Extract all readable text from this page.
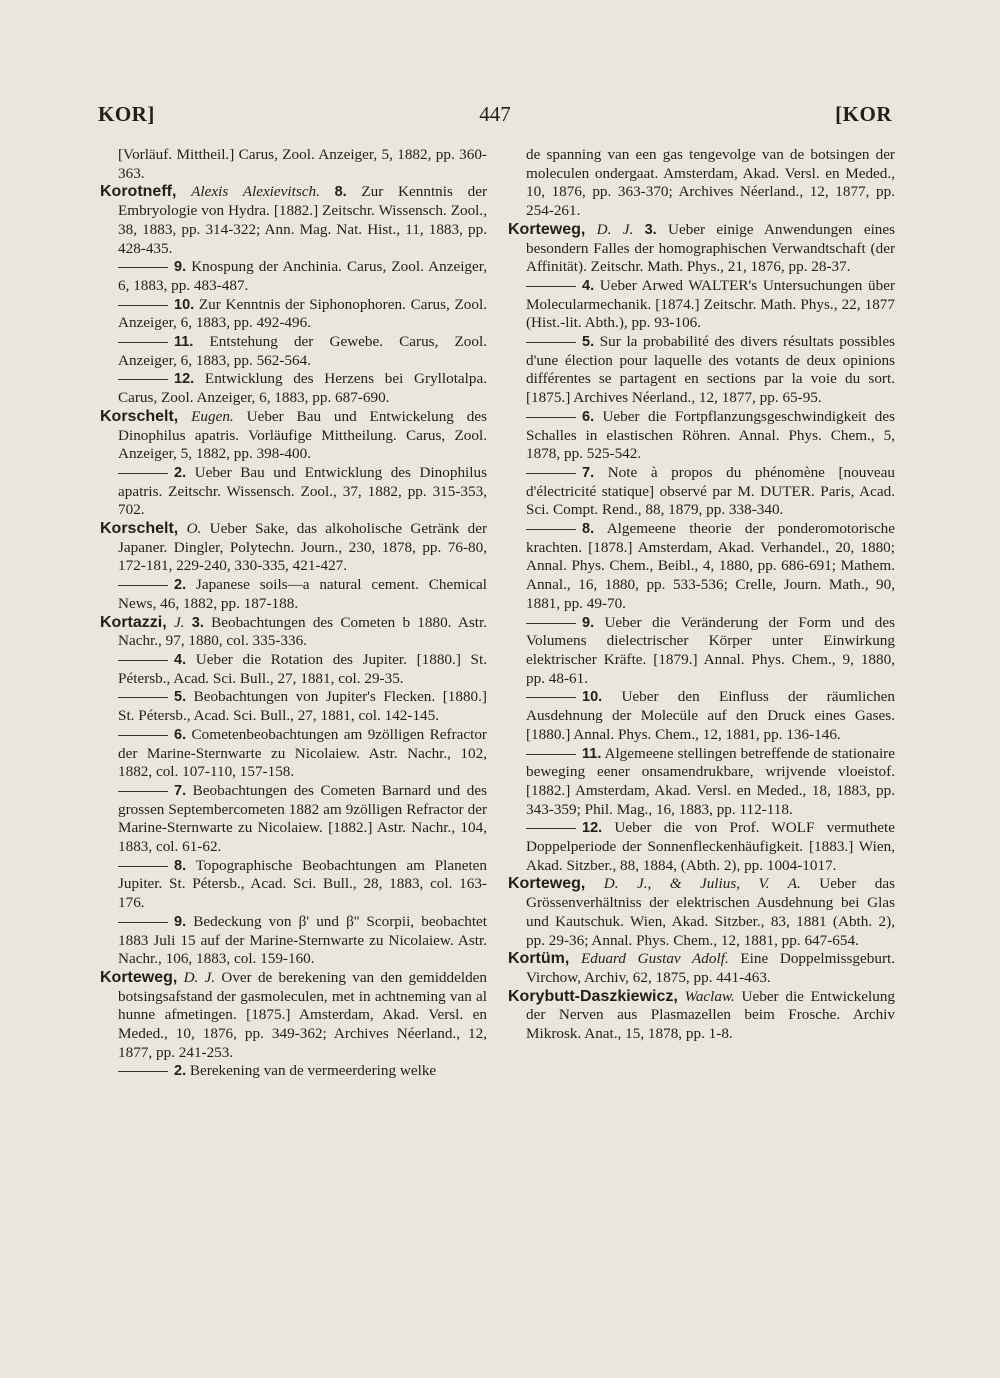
KOR]	447	[KOR

[Vorläuf. Mittheil.] Carus, Zool. Anzeiger, 5, 1882, pp. 360-363.

Korotneff, Alexis Alexievitsch. 8. Zur Kenntnis der Embryologie von Hydra. [1882.] Zeitschr. Wissensch. Zool., 38, 1883, pp. 314-322; Ann. Mag. Nat. Hist., 11, 1883, pp. 428-435.

9. Knospung der Anchinia. Carus, Zool. Anzeiger, 6, 1883, pp. 483-487.

10. Zur Kenntnis der Siphonophoren. Carus, Zool. Anzeiger, 6, 1883, pp. 492-496.

11. Entstehung der Gewebe. Carus, Zool. Anzeiger, 6, 1883, pp. 562-564.

12. Entwicklung des Herzens bei Gryllotalpa. Carus, Zool. Anzeiger, 6, 1883, pp. 687-690.

Korschelt, Eugen. Ueber Bau und Entwickelung des Dinophilus apatris. Vorläufige Mittheilung. Carus, Zool. Anzeiger, 5, 1882, pp. 398-400.

2. Ueber Bau und Entwicklung des Dinophilus apatris. Zeitschr. Wissensch. Zool., 37, 1882, pp. 315-353, 702.

Korschelt, O. Ueber Sake, das alkoholische Getränk der Japaner. Dingler, Polytechn. Journ., 230, 1878, pp. 76-80, 172-181, 229-240, 330-335, 421-427.

2. Japanese soils—a natural cement. Chemical News, 46, 1882, pp. 187-188.

Kortazzi, J. 3. Beobachtungen des Cometen b 1880. Astr. Nachr., 97, 1880, col. 335-336.

4. Ueber die Rotation des Jupiter. [1880.] St. Pétersb., Acad. Sci. Bull., 27, 1881, col. 29-35.

5. Beobachtungen von Jupiter's Flecken. [1880.] St. Pétersb., Acad. Sci. Bull., 27, 1881, col. 142-145.

6. Cometenbeobachtungen am 9zölligen Refractor der Marine-Sternwarte zu Nicolaiew. Astr. Nachr., 102, 1882, col. 107-110, 157-158.

7. Beobachtungen des Cometen Barnard und des grossen Septembercometen 1882 am 9zölligen Refractor der Marine-Sternwarte zu Nicolaiew. [1882.] Astr. Nachr., 104, 1883, col. 61-62.

8. Topographische Beobachtungen am Planeten Jupiter. St. Pétersb., Acad. Sci. Bull., 28, 1883, col. 163-176.

9. Bedeckung von β' und β'' Scorpii, beobachtet 1883 Juli 15 auf der Marine-Sternwarte zu Nicolaiew. Astr. Nachr., 106, 1883, col. 159-160.

Korteweg, D. J. Over de berekening van den gemiddelden botsingsafstand der gasmoleculen, met in achtneming van al hunne afmetingen. [1875.] Amsterdam, Akad. Versl. en Meded., 10, 1876, pp. 349-362; Archives Néerland., 12, 1877, pp. 241-253.

2. Berekening van de vermeerdering welke

de spanning van een gas tengevolge van de botsingen der moleculen ondergaat. Amsterdam, Akad. Versl. en Meded., 10, 1876, pp. 363-370; Archives Néerland., 12, 1877, pp. 254-261.

Korteweg, D. J. 3. Ueber einige Anwendungen eines besondern Falles der homographischen Verwandtschaft (der Affinität). Zeitschr. Math. Phys., 21, 1876, pp. 28-37.

4. Ueber Arwed WALTER's Untersuchungen über Molecularmechanik. [1874.] Zeitschr. Math. Phys., 22, 1877 (Hist.-lit. Abth.), pp. 93-106.

5. Sur la probabilité des divers résultats possibles d'une élection pour laquelle des votants de deux opinions différentes se partagent en sections par la voie du sort. [1875.] Archives Néerland., 12, 1877, pp. 65-95.

6. Ueber die Fortpflanzungsgeschwindigkeit des Schalles in elastischen Röhren. Annal. Phys. Chem., 5, 1878, pp. 525-542.

7. Note à propos du phénomène [nouveau d'électricité statique] observé par M. DUTER. Paris, Acad. Sci. Compt. Rend., 88, 1879, pp. 338-340.

8. Algemeene theorie der ponderomotorische krachten. [1878.] Amsterdam, Akad. Verhandel., 20, 1880; Annal. Phys. Chem., Beibl., 4, 1880, pp. 686-691; Mathem. Annal., 16, 1880, pp. 533-536; Crelle, Journ. Math., 90, 1881, pp. 49-70.

9. Ueber die Veränderung der Form und des Volumens dielectrischer Körper unter Einwirkung elektrischer Kräfte. [1879.] Annal. Phys. Chem., 9, 1880, pp. 48-61.

10. Ueber den Einfluss der räumlichen Ausdehnung der Molecüle auf den Druck eines Gases. [1880.] Annal. Phys. Chem., 12, 1881, pp. 136-146.

11. Algemeene stellingen betreffende de stationaire beweging eener onsamendrukbare, wrijvende vloeistof. [1882.] Amsterdam, Akad. Versl. en Meded., 18, 1883, pp. 343-359; Phil. Mag., 16, 1883, pp. 112-118.

12. Ueber die von Prof. WOLF vermuthete Doppelperiode der Sonnenfleckenhäufigkeit. [1883.] Wien, Akad. Sitzber., 88, 1884, (Abth. 2), pp. 1004-1017.

Korteweg, D. J., & Julius, V. A. Ueber das Grössenverhältniss der elektrischen Ausdehnung bei Glas und Kautschuk. Wien, Akad. Sitzber., 83, 1881 (Abth. 2), pp. 29-36; Annal. Phys. Chem., 12, 1881, pp. 647-654.

Kortüm, Eduard Gustav Adolf. Eine Doppelmissgeburt. Virchow, Archiv, 62, 1875, pp. 441-463.

Korybutt-Daszkiewicz, Waclaw. Ueber die Entwickelung der Nerven aus Plasmazellen beim Frosche. Archiv Mikrosk. Anat., 15, 1878, pp. 1-8.
